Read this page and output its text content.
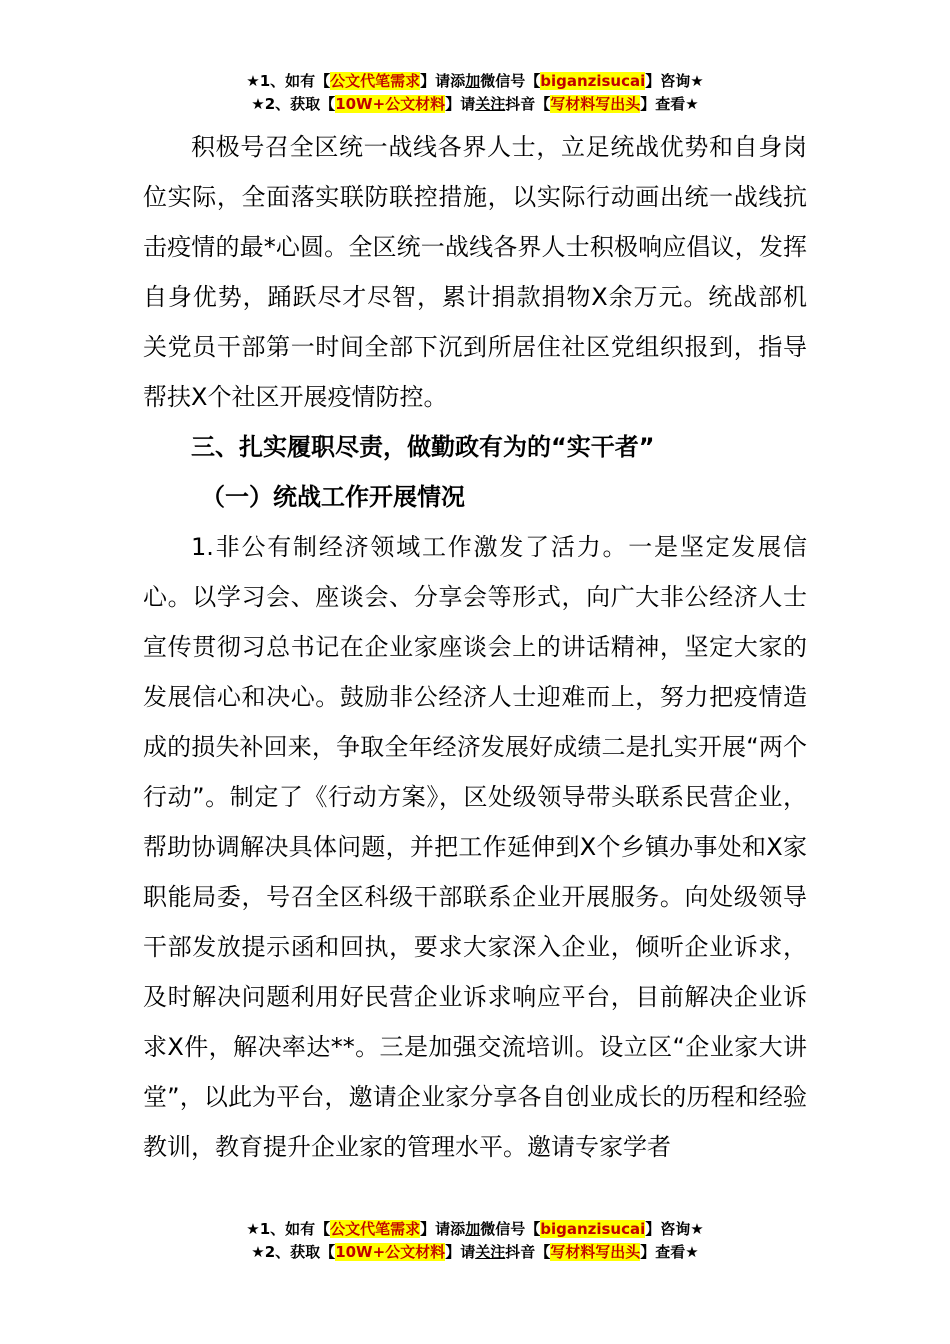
★1、如有【公文代笔需求】请添加微信号【biganzisucai】咨询★
★2、获取【10W+公文材料】请关注抖音【写材料写出头】查看★

积极号召全区统一战线各界人士，立足统战优势和自身岗位实际，全面落实联防联控措施，以实际行动画出统一战线抗击疫情的最*心圆。全区统一战线各界人士积极响应倡议，发挥自身优势，踊跃尽才尽智，累计捐款捐物X余万元。统战部机关党员干部第一时间全部下沉到所居住社区党组织报到，指导帮扶X个社区开展疫情防控。

三、扎实履职尽责，做勤政有为的“实干者”

（一）统战工作开展情况

1.非公有制经济领域工作激发了活力。一是坚定发展信心。以学习会、座谈会、分享会等形式，向广大非公经济人士宣传贯彻习总书记在企业家座谈会上的讲话精神，坚定大家的发展信心和决心。鼓励非公经济人士迎难而上，努力把疫情造成的损失补回来，争取全年经济发展好成绩二是扎实开展“两个行动”。制定了《行动方案》，区处级领导带头联系民营企业，帮助协调解决具体问题，并把工作延伸到X个乡镇办事处和X家职能局委，号召全区科级干部联系企业开展服务。向处级领导干部发放提示函和回执，要求大家深入企业，倾听企业诉求，及时解决问题利用好民营企业诉求响应平台，目前解决企业诉求X件，解决率达**。三是加强交流培训。设立区“企业家大讲堂”，以此为平台，邀请企业家分享各自创业成长的历程和经验教训，教育提升企业家的管理水平。邀请专家学者

★1、如有【公文代笔需求】请添加微信号【biganzisucai】咨询★
★2、获取【10W+公文材料】请关注抖音【写材料写出头】查看★
